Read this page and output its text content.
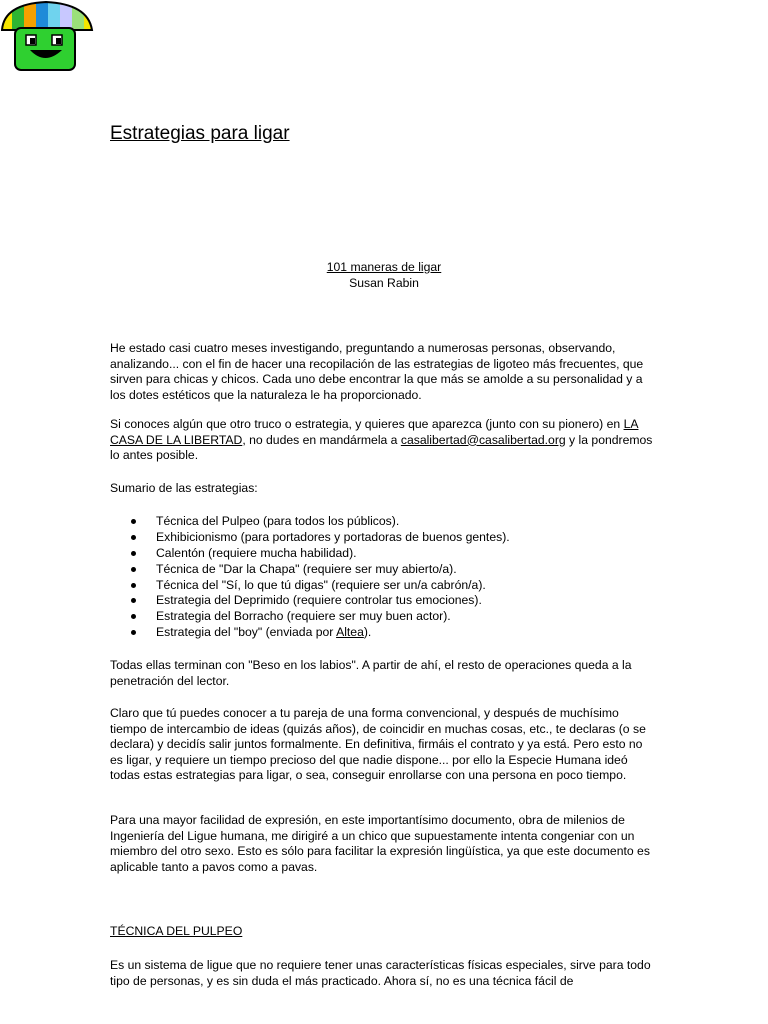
Estrategias para ligar
101 maneras de ligar
Susan Rabin

He estado casi cuatro meses investigando, preguntando a numerosas personas, observando, analizando... con el fin de hacer una recopilación de las estrategias de ligoteo más frecuentes, que sirven para chicas y chicos. Cada uno debe encontrar la que más se amolde a su personalidad y a los dotes estéticos que la naturaleza le ha proporcionado.

Si conoces algún que otro truco o estrategia, y quieres que aparezca (junto con su pionero) en LA CASA DE LA LIBERTAD, no dudes en mandármela a casalibertad@casalibertad.org y la pondremos lo antes posible.

Sumario de las estrategias:

Técnica del Pulpeo (para todos los públicos).
Exhibicionismo (para portadores y portadoras de buenos gentes).
Calentón (requiere mucha habilidad).
Técnica de "Dar la Chapa" (requiere ser muy abierto/a).
Técnica del "Sí, lo que tú digas" (requiere ser un/a cabrón/a).
Estrategia del Deprimido (requiere controlar tus emociones).
Estrategia del Borracho (requiere ser muy buen actor).
Estrategia del "boy" (enviada por Altea).

Todas ellas terminan con "Beso en los labios". A partir de ahí, el resto de operaciones queda a la penetración del lector.

Claro que tú puedes conocer a tu pareja de una forma convencional, y después de muchísimo tiempo de intercambio de ideas (quizás años), de coincidir en muchas cosas, etc., te declaras (o se declara) y decidís salir juntos formalmente. En definitiva, firmáis el contrato y ya está. Pero esto no es ligar, y requiere un tiempo precioso del que nadie dispone... por ello la Especie Humana ideó todas estas estrategias para ligar, o sea, conseguir enrollarse con una persona en poco tiempo.

Para una mayor facilidad de expresión, en este importantísimo documento, obra de milenios de Ingeniería del Ligue humana, me dirigiré a un chico que supuestamente intenta congeniar con un miembro del otro sexo. Esto es sólo para facilitar la expresión lingüística, ya que este documento es aplicable tanto a pavos como a pavas.

TÉCNICA DEL PULPEO

Es un sistema de ligue que no requiere tener unas características físicas especiales, sirve para todo tipo de personas, y es sin duda el más practicado. Ahora sí, no es una técnica fácil de
